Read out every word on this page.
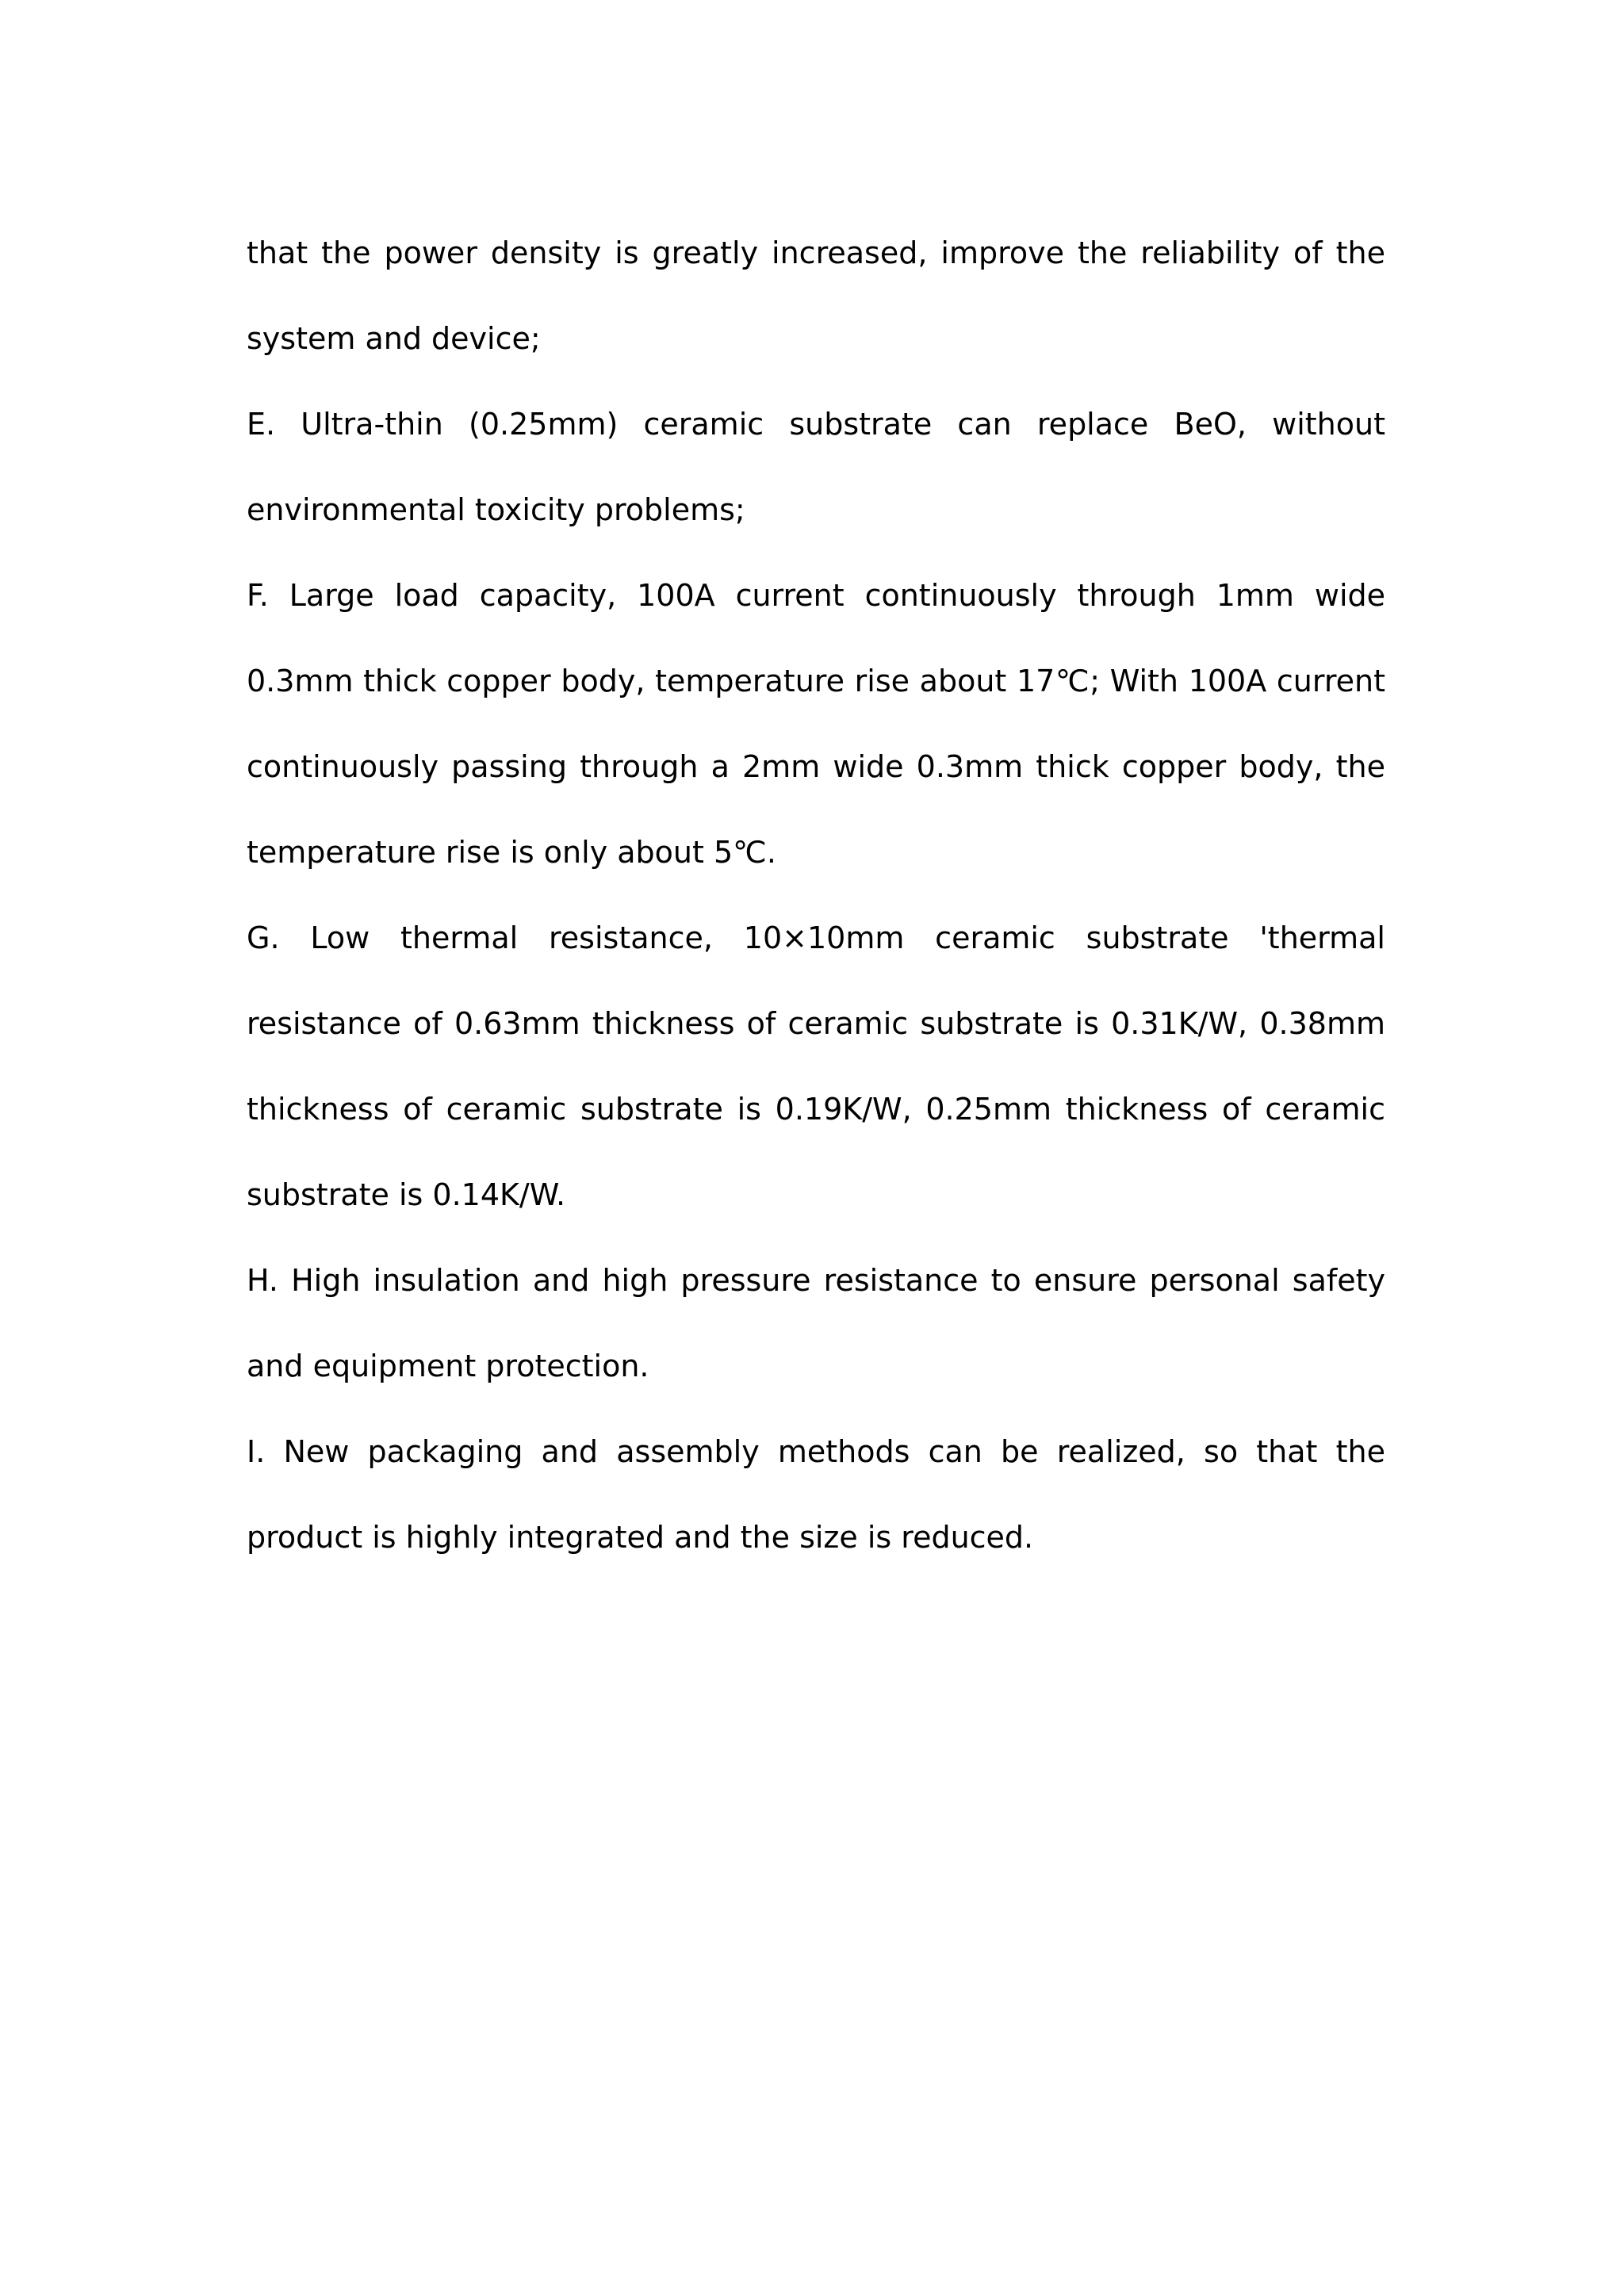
that the power density is greatly increased, improve the reliability of the system and device;

E. Ultra-thin (0.25mm) ceramic substrate can replace BeO, without environmental toxicity problems;

F. Large load capacity, 100A current continuously through 1mm wide 0.3mm thick copper body, temperature rise about 17℃; With 100A current continuously passing through a 2mm wide 0.3mm thick copper body, the temperature rise is only about 5℃.

G. Low thermal resistance, 10×10mm ceramic substrate 'thermal resistance of 0.63mm thickness of ceramic substrate is 0.31K/W, 0.38mm thickness of ceramic substrate is 0.19K/W, 0.25mm thickness of ceramic substrate is 0.14K/W.

H. High insulation and high pressure resistance to ensure personal safety and equipment protection.

I. New packaging and assembly methods can be realized, so that the product is highly integrated and the size is reduced.
